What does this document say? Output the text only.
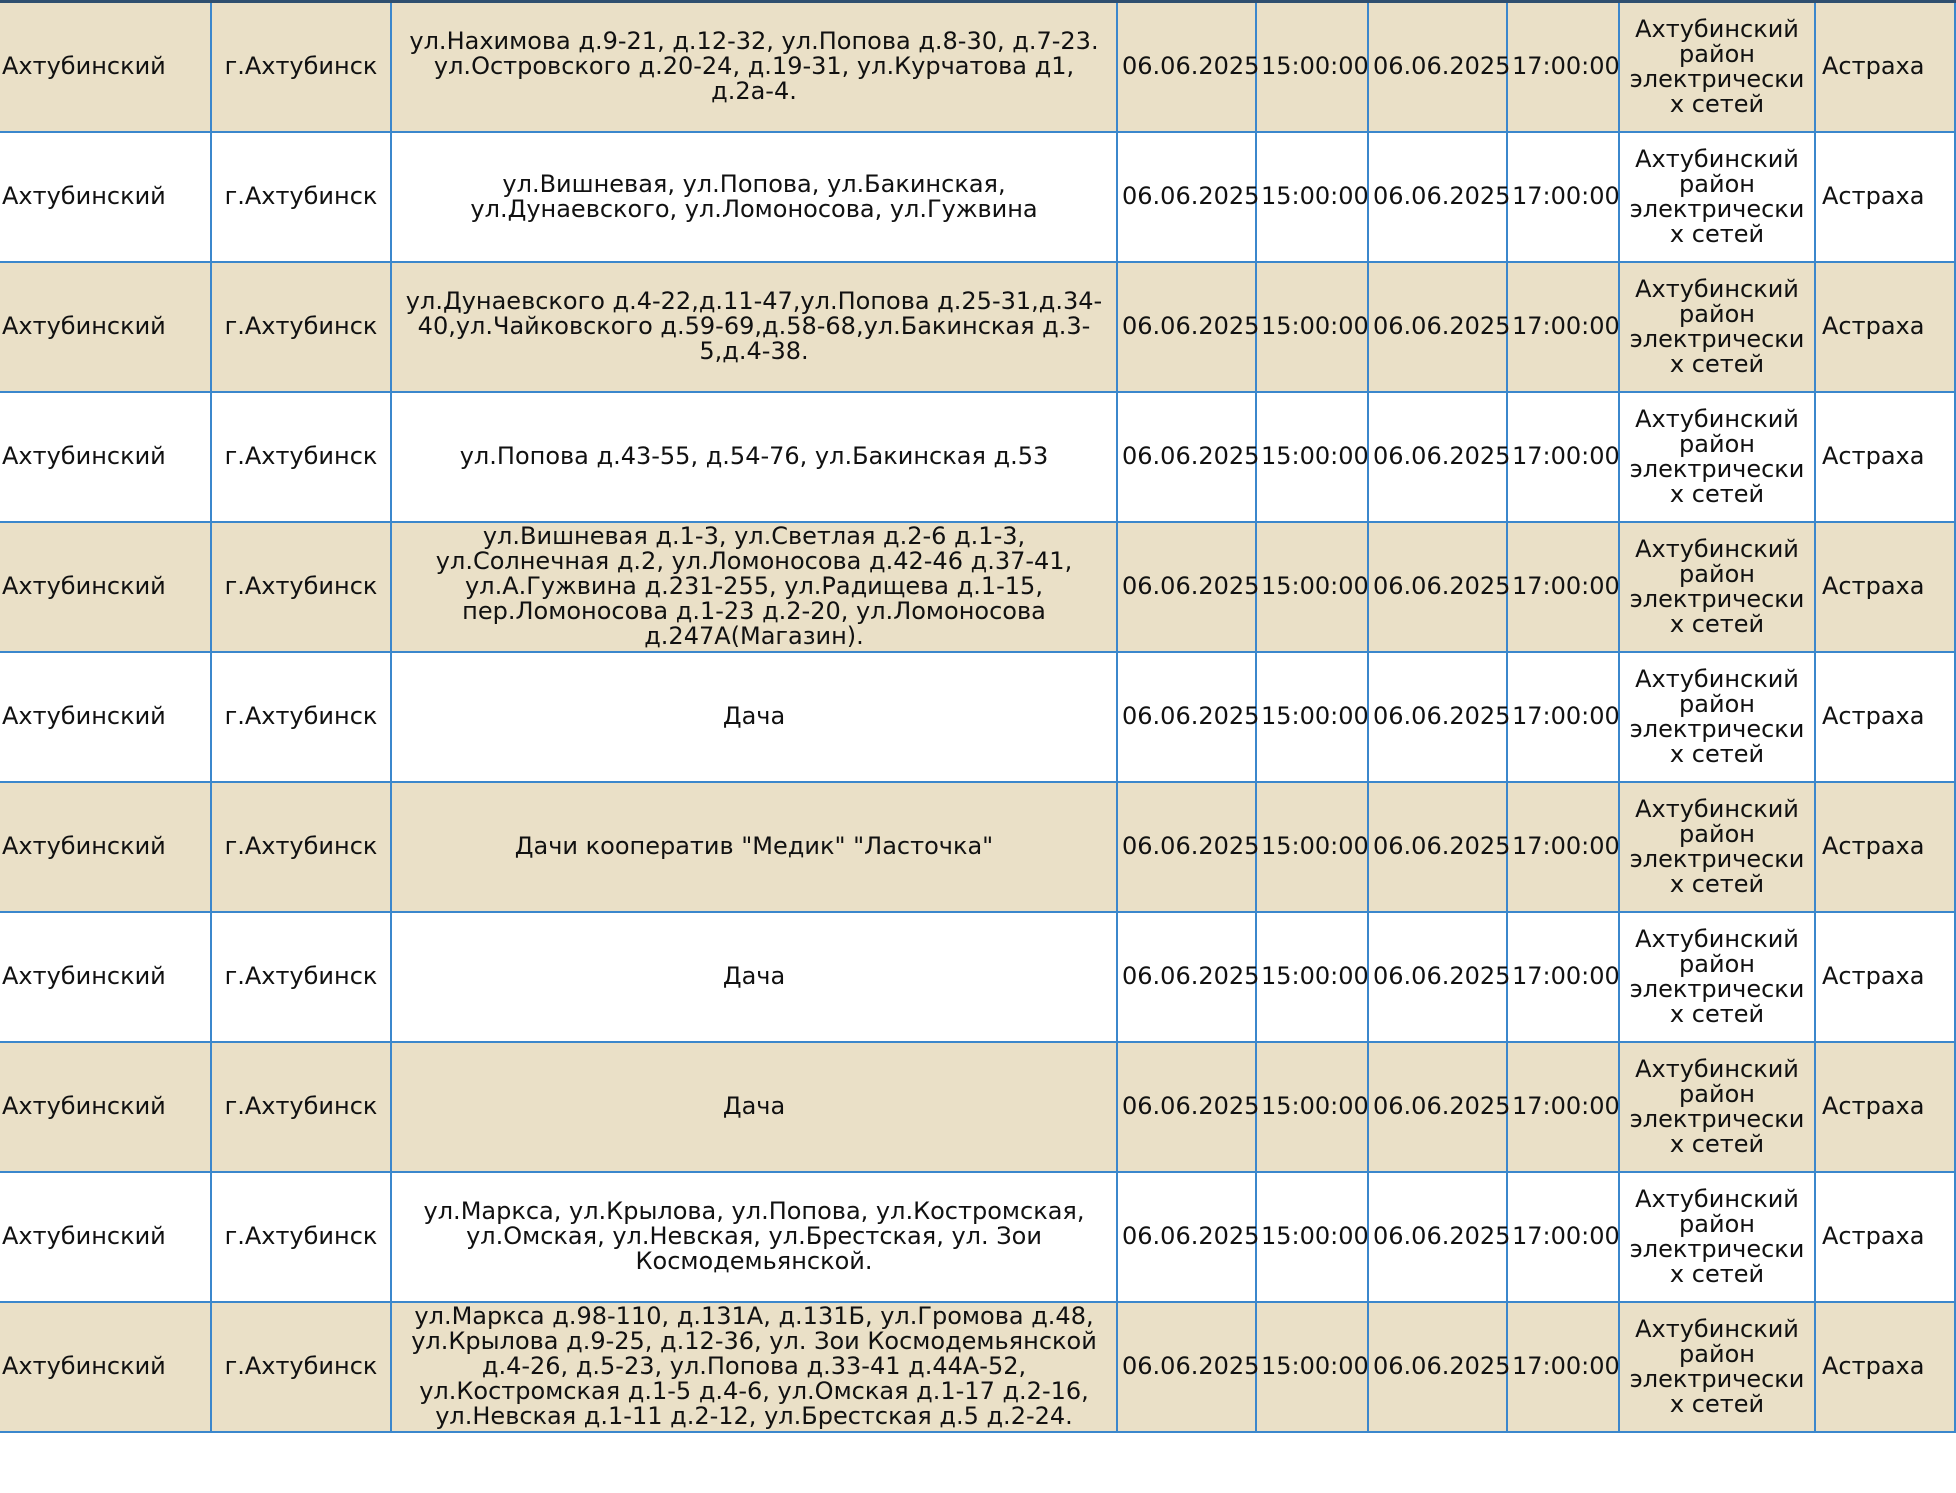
Ахтубинский	г.Ахтубинск	ул.Нахимова д.9-21, д.12-32, ул.Попова д.8-30, д.7-23. ул.Островского д.20-24, д.19-31, ул.Курчатова д1, д.2а-4.	06.06.2025	15:00:00	06.06.2025	17:00:00	Ахтубинский район электрических сетей	Астраха
Ахтубинский	г.Ахтубинск	ул.Вишневая, ул.Попова, ул.Бакинская, ул.Дунаевского, ул.Ломоносова, ул.Гужвина	06.06.2025	15:00:00	06.06.2025	17:00:00	Ахтубинский район электрических сетей	Астраха
Ахтубинский	г.Ахтубинск	ул.Дунаевского д.4-22,д.11-47,ул.Попова д.25-31,д.34-40,ул.Чайковского д.59-69,д.58-68,ул.Бакинская д.3-5,д.4-38.	06.06.2025	15:00:00	06.06.2025	17:00:00	Ахтубинский район электрических сетей	Астраха
Ахтубинский	г.Ахтубинск	ул.Попова д.43-55, д.54-76, ул.Бакинская д.53	06.06.2025	15:00:00	06.06.2025	17:00:00	Ахтубинский район электрических сетей	Астраха
Ахтубинский	г.Ахтубинск	ул.Вишневая д.1-3, ул.Светлая д.2-6 д.1-3, ул.Солнечная д.2, ул.Ломоносова д.42-46 д.37-41, ул.А.Гужвина д.231-255, ул.Радищева д.1-15, пер.Ломоносова д.1-23 д.2-20, ул.Ломоносова д.247А(Магазин).	06.06.2025	15:00:00	06.06.2025	17:00:00	Ахтубинский район электрических сетей	Астраха
Ахтубинский	г.Ахтубинск	Дача	06.06.2025	15:00:00	06.06.2025	17:00:00	Ахтубинский район электрических сетей	Астраха
Ахтубинский	г.Ахтубинск	Дачи кооператив "Медик" "Ласточка"	06.06.2025	15:00:00	06.06.2025	17:00:00	Ахтубинский район электрических сетей	Астраха
Ахтубинский	г.Ахтубинск	Дача	06.06.2025	15:00:00	06.06.2025	17:00:00	Ахтубинский район электрических сетей	Астраха
Ахтубинский	г.Ахтубинск	Дача	06.06.2025	15:00:00	06.06.2025	17:00:00	Ахтубинский район электрических сетей	Астраха
Ахтубинский	г.Ахтубинск	ул.Маркса, ул.Крылова, ул.Попова, ул.Костромская, ул.Омская, ул.Невская, ул.Брестская, ул. Зои Космодемьянской.	06.06.2025	15:00:00	06.06.2025	17:00:00	Ахтубинский район электрических сетей	Астраха
Ахтубинский	г.Ахтубинск	ул.Маркса д.98-110, д.131А, д.131Б, ул.Громова д.48, ул.Крылова д.9-25, д.12-36, ул. Зои Космодемьянской д.4-26, д.5-23, ул.Попова д.33-41 д.44А-52, ул.Костромская д.1-5 д.4-6, ул.Омская д.1-17 д.2-16, ул.Невская д.1-11 д.2-12, ул.Брестская д.5 д.2-24.	06.06.2025	15:00:00	06.06.2025	17:00:00	Ахтубинский район электрических сетей	Астраха
